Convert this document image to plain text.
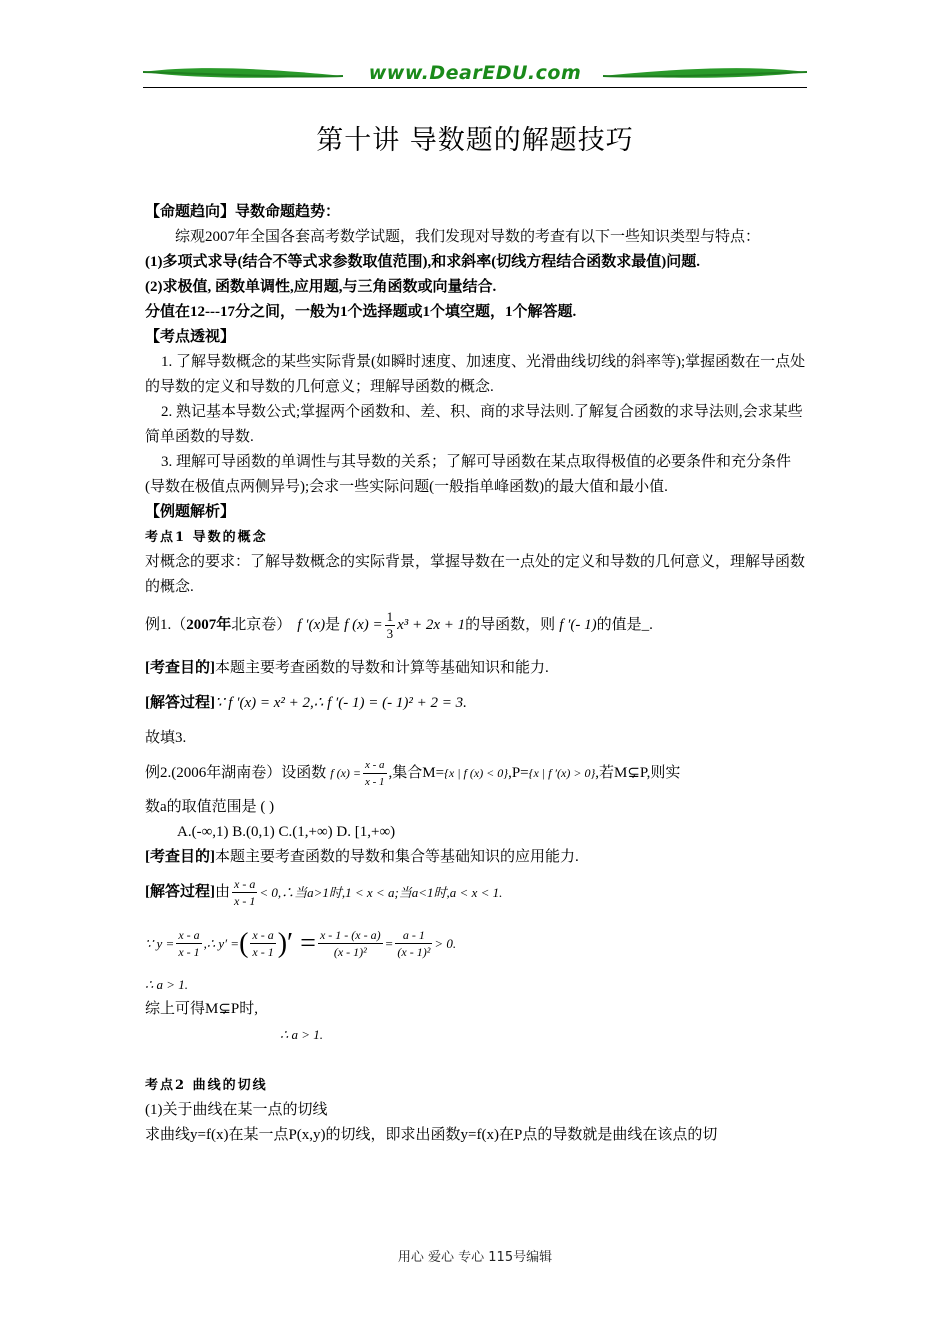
www.DearEDU.com
第十讲 导数题的解题技巧

【命题趋向】导数命题趋势：

综观2007年全国各套高考数学试题，我们发现对导数的考查有以下一些知识类型与特点：

(1)多项式求导(结合不等式求参数取值范围),和求斜率(切线方程结合函数求最值)问题.

(2)求极值, 函数单调性,应用题,与三角函数或向量结合.

分值在12---17分之间，一般为1个选择题或1个填空题，1个解答题.

【考点透视】

1. 了解导数概念的某些实际背景(如瞬时速度、加速度、光滑曲线切线的斜率等);掌握函数在一点处的导数的定义和导数的几何意义；理解导函数的概念.

2. 熟记基本导数公式;掌握两个函数和、差、积、商的求导法则.了解复合函数的求导法则,会求某些简单函数的导数.

3. 理解可导函数的单调性与其导数的关系；了解可导函数在某点取得极值的必要条件和充分条件(导数在极值点两侧异号);会求一些实际问题(一般指单峰函数)的最大值和最小值.

【例题解析】

考点1 导数的概念

对概念的要求：了解导数概念的实际背景，掌握导数在一点处的定义和导数的几何意义，理解导函数的概念.

例1.（ 2007年 北京卷） f ′(x) 是 f $(x) = \frac{1}{3} x^3 + 2x + 1$ 的导函数，则 f ′(- 1) 的值是_.

[考查目的]本题主要考查函数的导数和计算等基础知识和能力.

[解答过程]∵ f ′(x) = x² + 2,∴ f ′(- 1) = (- 1)² + 2 = 3.

故填3.

例2.(2006年湖南卷）设函数 f $(x) = \frac{x - a}{x - 1}$ ,集合M= {x | f (x) < 0} ,P= {x | f ′(x) > 0} ,若M⊊P,则实

数a的取值范围是 ( )

A.(-∞,1) B.(0,1) C.(1,+∞) D. [1,+∞)

[考查目的]本题主要考查函数的导数和集合等基础知识的应用能力.

[解答过程] 由 $\frac{x - a}{x - 1}$ < 0,∴当a>1时,1 < x < a;当a<1时,a < x < 1.
∵ $y = \frac{x - a}{x - 1}$ ,∴ y′ = ( $\frac{x - a}{x - 1}$ )′ = $\frac{x - 1 - (x - a)}{\text{(x - 1)²}} = \frac{a - 1}{\text{(x - 1)²}} > 0$.

∴ a > 1.

综上可得M⊊P时,

∴ a > 1.

考点2 曲线的切线

(1)关于曲线在某一点的切线

求曲线y=f(x)在某一点P(x,y)的切线，即求出函数y=f(x)在P点的导数就是曲线在该点的切

用心 爱心 专心 115号编辑
